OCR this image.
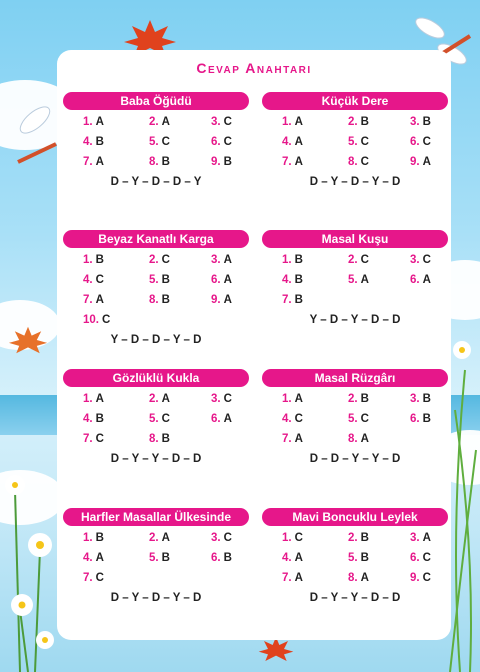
Cevap Anahtarı
Baba Öğüdü
1. A	2. A	3. C
4. B	5. C	6. C
7. A	8. B	9. B
D – Y – D – D – Y
Küçük Dere
1. A	2. B	3. B
4. A	5. C	6. C
7. A	8. C	9. A
D – Y – D – Y – D
Beyaz Kanatlı Karga
1. B	2. C	3. A
4. C	5. B	6. A
7. A	8. B	9. A
10. C
Y – D – D – Y – D
Masal Kuşu
1. B	2. C	3. C
4. B	5. A	6. A
7. B
Y – D – Y – D – D
Gözlüklü Kukla
1. A	2. A	3. C
4. B	5. C	6. A
7. C	8. B
D – Y – Y – D – D
Masal Rüzgârı
1. A	2. B	3. B
4. C	5. C	6. B
7. A	8. A
D – D – Y – Y – D
Harfler Masallar Ülkesinde
1. B	2. A	3. C
4. A	5. B	6. B
7. C
D – Y – D – Y – D
Mavi Boncuklu Leylek
1. C	2. B	3. A
4. A	5. B	6. C
7. A	8. A	9. C
D – Y – Y – D – D
